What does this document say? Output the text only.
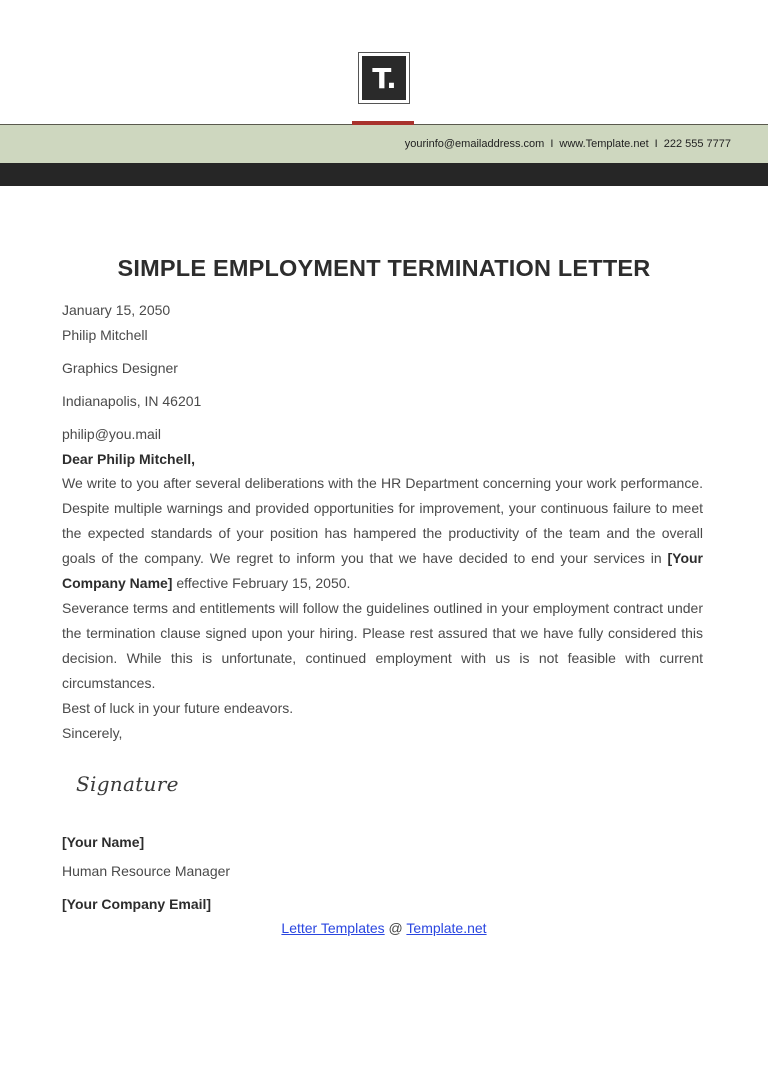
T.
yourinfo@emailaddress.com I www.Template.net I 222 555 7777
SIMPLE EMPLOYMENT TERMINATION LETTER
January 15, 2050
Philip Mitchell
Graphics Designer
Indianapolis, IN 46201
philip@you.mail
Dear Philip Mitchell,

We write to you after several deliberations with the HR Department concerning your work performance. Despite multiple warnings and provided opportunities for improvement, your continuous failure to meet the expected standards of your position has hampered the productivity of the team and the overall goals of the company. We regret to inform you that we have decided to end your services in [Your Company Name] effective February 15, 2050.

Severance terms and entitlements will follow the guidelines outlined in your employment contract under the termination clause signed upon your hiring. Please rest assured that we have fully considered this decision. While this is unfortunate, continued employment with us is not feasible with current circumstances.

Best of luck in your future endeavors.
Sincerely,
Signature
[Your Name]
Human Resource Manager
[Your Company Email]
Letter Templates @ Template.net
